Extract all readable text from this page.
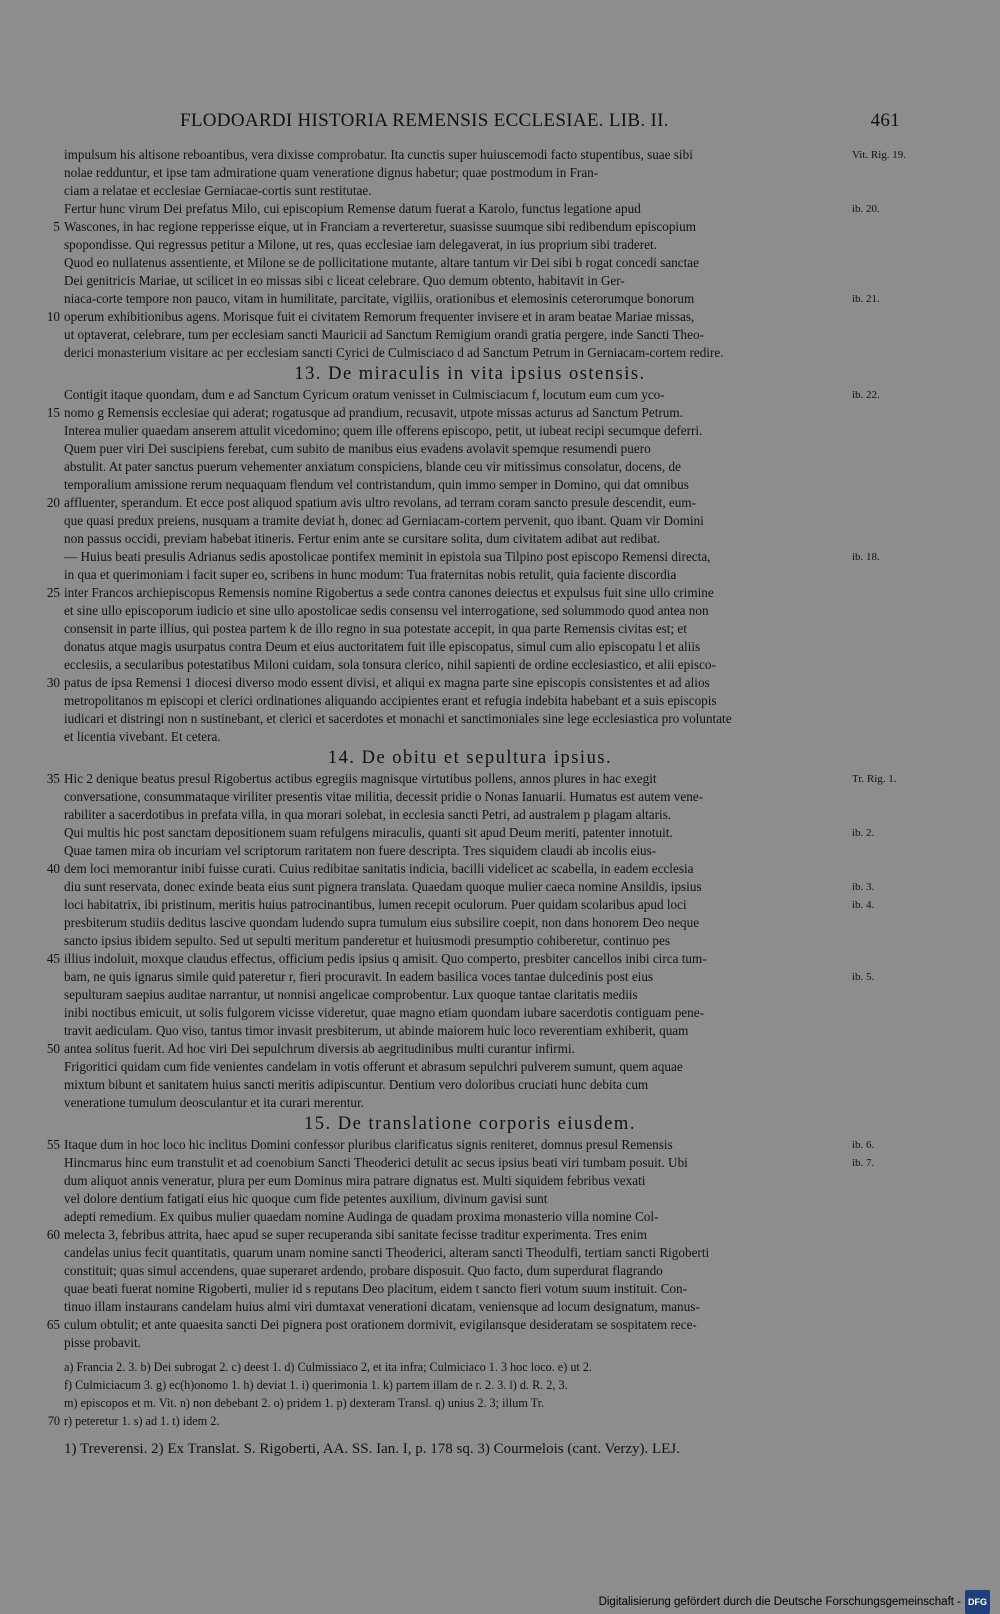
FLODOARDI HISTORIA REMENSIS ECCLESIAE. LIB. II.	461
impulsum his altisone reboantibus, vera dixisse comprobatur. Ita cunctis super huiuscemodi facto stupentibus, suae sibi	Vit. Rig. 19.
nolae redduntur, et ipse tam admiratione quam veneratione dignus habetur; quae postmodum in Fran-
ciam a relatae et ecclesiae Gerniacae-cortis sunt restitutae.
Fertur hunc virum Dei prefatus Milo, cui episcopium Remense datum fuerat a Karolo, functus legatione apud	ib. 20.
5 Wascones, in hac regione repperisse eique, ut in Franciam a reverteretur, suasisse suumque sibi redibendum episcopium
spopondisse. Qui regressus petitur a Milone, ut res, quas ecclesiae iam delegaverat, in ius proprium sibi traderet.
Quod eo nullatenus assentiente, et Milone se de pollicitatione mutante, altare tantum vir Dei sibi b rogat concedi sanctae
Dei genitricis Mariae, ut scilicet in eo missas sibi c liceat celebrare. Quo demum obtento, habitavit in Ger-
niaca-corte tempore non pauco, vitam in humilitate, parcitate, vigiliis, orationibus et elemosinis ceterorumque bonorum	ib. 21.
10 operum exhibitionibus agens. Morisque fuit ei civitatem Remorum frequenter invisere et in aram beatae Mariae missas,
ut optaverat, celebrare, tum per ecclesiam sancti Mauricii ad Sanctum Remigium orandi gratia pergere, inde Sancti Theo-
derici monasterium visitare ac per ecclesiam sancti Cyrici de Culmisciaco d ad Sanctum Petrum in Gerniacam-cortem redire.
13. De miraculis in vita ipsius ostensis.
Contigit itaque quondam, dum e ad Sanctum Cyricum oratum venisset in Culmisciacum f, locutum eum cum yco-	ib. 22.
15 nomo g Remensis ecclesiae qui aderat; rogatusque ad prandium, recusavit, utpote missas acturus ad Sanctum Petrum.
Interea mulier quaedam anserem attulit vicedomino; quem ille offerens episcopo, petit, ut iubeat recipi secumque deferri.
Quem puer viri Dei suscipiens ferebat, cum subito de manibus eius evadens avolavit spemque resumendi puero
abstulit. At pater sanctus puerum vehementer anxiatum conspiciens, blande ceu vir mitissimus consolatur, docens, de
temporalium amissione rerum nequaquam flendum vel contristandum, quin immo semper in Domino, qui dat omnibus
20 affluenter, sperandum. Et ecce post aliquod spatium avis ultro revolans, ad terram coram sancto presule descendit, eum-
que quasi preduх preiens, nusquam a tramite deviat h, donec ad Gerniacam-cortem pervenit, quo ibant. Quam vir Domini
non passus occidi, previam habebat itineris. Fertur enim ante se cursitare solita, dum civitatem adibat aut redibat.
— Huius beati presulis Adrianus sedis apostolicae pontifex meminit in epistola sua Tilpino post episcopo Remensi directa,	ib. 18.
in qua et querimoniam i facit super eo, scribens in hunc modum: Tua fraternitas nobis retulit, quia faciente discordia
25 inter Francos archiepiscopus Remensis nomine Rigobertus a sede contra canones deiectus et expulsus fuit sine ullo crimine
et sine ullo episcoporum iudicio et sine ullo apostolicae sedis consensu vel interrogatione, sed solummodo quod antea non
consensit in parte illius, qui postea partem k de illo regno in sua potestate accepit, in qua parte Remensis civitas est; et
donatus atque magis usurpatus contra Deum et eius auctoritatem fuit ille episcopatus, simul cum alio episcopatu l et aliis
ecclesiis, a secularibus potestatibus Miloni cuidam, sola tonsura clerico, nihil sapienti de ordine ecclesiastico, et alii episco-
30 patus de ipsa Remensi 1 diocesi diverso modo essent divisi, et aliqui ex magna parte sine episcopis consistentes et ad alios
metropolitanos m episcopi et clerici ordinationes aliquando accipientes erant et refugia indebita habebant et a suis episcopis
iudicari et distringi non n sustinebant, et clerici et sacerdotes et monachi et sanctimoniales sine lege ecclesiastica pro voluntate
et licentia vivebant. Et cetera.
14. De obitu et sepultura ipsius.
35 Hic 2 denique beatus presul Rigobertus actibus egregiis magnisque virtutibus pollens, annos plures in hac exegit	Tr. Rig. 1.
conversatione, consummataque viriliter presentis vitae militia, decessit pridie o Nonas Ianuarii. Humatus est autem vene-
rabiliter a sacerdotibus in prefata villa, in qua morari solebat, in ecclesia sancti Petri, ad australem p plagam altaris.
Qui multis hic post sanctam depositionem suam refulgens miraculis, quanti sit apud Deum meriti, patenter innotuit.	ib. 2.
Quae tamen mira ob incuriam vel scriptorum raritatem non fuere descripta. Tres siquidem claudi ab incolis eius-
40 dem loci memorantur inibi fuisse curati. Cuius redibitae sanitatis indicia, bacilli videlicet ac scabella, in eadem ecclesia
diu sunt reservata, donec exinde beata eius sunt pignera translata. Quaedam quoque mulier caeca nomine Ansildis, ipsius	ib. 3.
loci habitatrix, ibi pristinum, meritis huius patrocinantibus, lumen recepit oculorum. Puer quidam scolaribus apud loci	ib. 4.
presbiterum studiis deditus lascive quondam ludendo supra tumulum eius subsilire coepit, non dans honorem Deo neque
sancto ipsius ibidem sepulto. Sed ut sepulti meritum panderetur et huiusmodi presumptio cohiberetur, continuo pes
45 illius indoluit, moxque claudus effectus, officium pedis ipsius q amisit. Quo comperto, presbiter cancellos inibi circa tum-
bam, ne quis ignarus simile quid pateretur r, fieri procuravit. In eadem basilica voces tantae dulcedinis post eius	ib. 5.
sepulturam saepius auditae narrantur, ut nonnisi angelicae comprobentur. Lux quoque tantae claritatis mediis
inibi noctibus emicuit, ut solis fulgorem vicisse videretur, quae magno etiam quondam iubare sacerdotis contiguam pene-
travit aediculam. Quo viso, tantus timor invasit presbiterum, ut abinde maiorem huic loco reverentiam exhiberit, quam
50 antea solitus fuerit. Ad hoc viri Dei sepulchrum diversis ab aegritudinibus multi curantur infirmi.
Frigoritici quidam cum fide venientes candelam in votis offerunt et abrasum sepulchri pulverem sumunt, quem aquae
mixtum bibunt et sanitatem huius sancti meritis adipiscuntur. Dentium vero doloribus cruciati hunc debita cum
veneratione tumulum deosculantur et ita curari merentur.
15. De translatione corporis eiusdem.
55 Itaque dum in hoc loco hic inclitus Domini confessor pluribus clarificatus signis reniteret, domnus presul Remensis	ib. 6.
Hincmarus hinc eum transtulit et ad coenobium Sancti Theoderici detulit ac secus ipsius beati viri tumbam posuit. Ubi	ib. 7.
dum aliquot annis veneratur, plura per eum Dominus mira patrare dignatus est. Multi siquidem febribus vexati
vel dolore dentium fatigati eius hic quoque cum fide petentes auxilium, divinum gavisi sunt
adepti remedium. Ex quibus mulier quaedam nomine Audinga de quadam proxima monasterio villa nomine Col-
60 melecta 3, febribus attrita, haec apud se super recuperanda sibi sanitate fecisse traditur experimenta. Tres enim
candelas unius fecit quantitatis, quarum unam nomine sancti Theoderici, alteram sancti Theodulfi, tertiam sancti Rigoberti
constituit; quas simul accendens, quae superaret ardendo, probare disposuit. Quo facto, dum superdurat flagrando
quae beati fuerat nomine Rigoberti, mulier id s reputans Deo placitum, eidem t sancto fieri votum suum instituit. Con-
tinuo illam instaurans candelam huius almi viri dumtaxat venerationi dicatam, veniensque ad locum designatum, manus-
65 culum obtulit; et ante quaesita sancti Dei pignera post orationem dormivit, evigilansque desideratam se sospitatem rece-
pisse probavit.
a) Francia 2. 3. b) Dei subrogat 2. c) deest 1. d) Culmissiaco 2, et ita infra; Culmiciaco 1. 3 hoc loco. e) ut 2.
f) Culmiciacum 3. g) ec(h)onomo 1. h) deviat 1. i) querimonia 1. k) partem illam de r. 2. 3. l) d. R. 2, 3.
m) episcopos et m. Vit. n) non debebant 2. o) pridem 1. p) dexteram Transl. q) unius 2. 3; illum Tr.
70 r) peteretur 1. s) ad 1. t) idem 2.
1) Treverensi. 2) Ex Translat. S. Rigoberti, AA. SS. Ian. I, p. 178 sq. 3) Courmelois (cant. Verzy). LEJ.
Digitalisierung gefördert durch die Deutsche Forschungsgemeinschaft - DFG
